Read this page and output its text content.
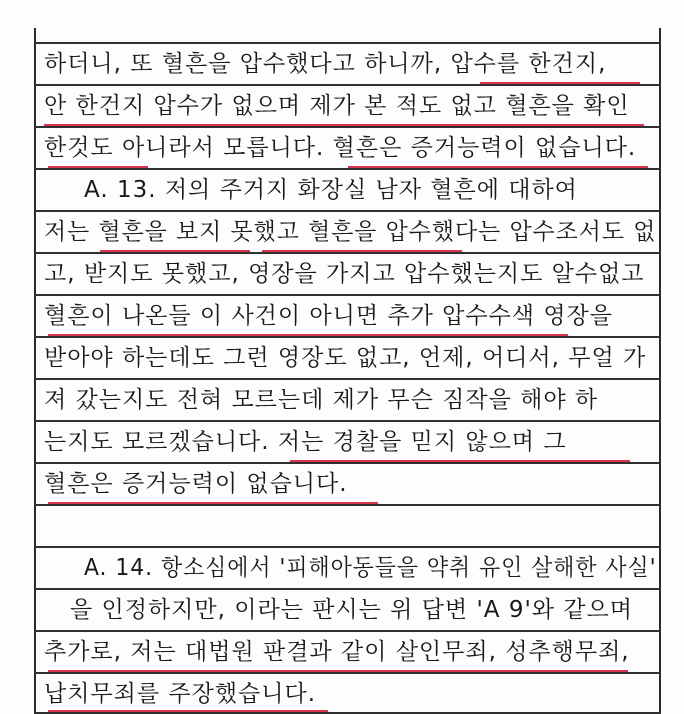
하더니, 또 혈흔을 압수했다고 하니까, 압수를 한건지,
안 한건지 압수가 없으며 제가 본 적도 없고 혈흔을 확인
한것도 아니라서 모릅니다. 혈흔은 증거능력이 없습니다.
A. 13. 저의 주거지 화장실 남자 혈흔에 대하여
저는 혈흔을 보지 못했고 혈흔을 압수했다는 압수조서도 없
고, 받지도 못했고, 영장을 가지고 압수했는지도 알수없고
혈흔이 나온들 이 사건이 아니면 추가 압수수색 영장을
받아야 하는데도 그런 영장도 없고, 언제, 어디서, 무얼 가
져 갔는지도 전혀 모르는데 제가 무슨 짐작을 해야 하
는지도 모르겠습니다. 저는 경찰을 믿지 않으며 그
혈흔은 증거능력이 없습니다.
A. 14. 항소심에서 '피해아동들을 약취 유인 살해한 사실'
을 인정하지만, 이라는 판시는 위 답변 'A 9'와 같으며
추가로, 저는 대법원 판결과 같이 살인무죄, 성추행무죄,
납치무죄를 주장했습니다.
